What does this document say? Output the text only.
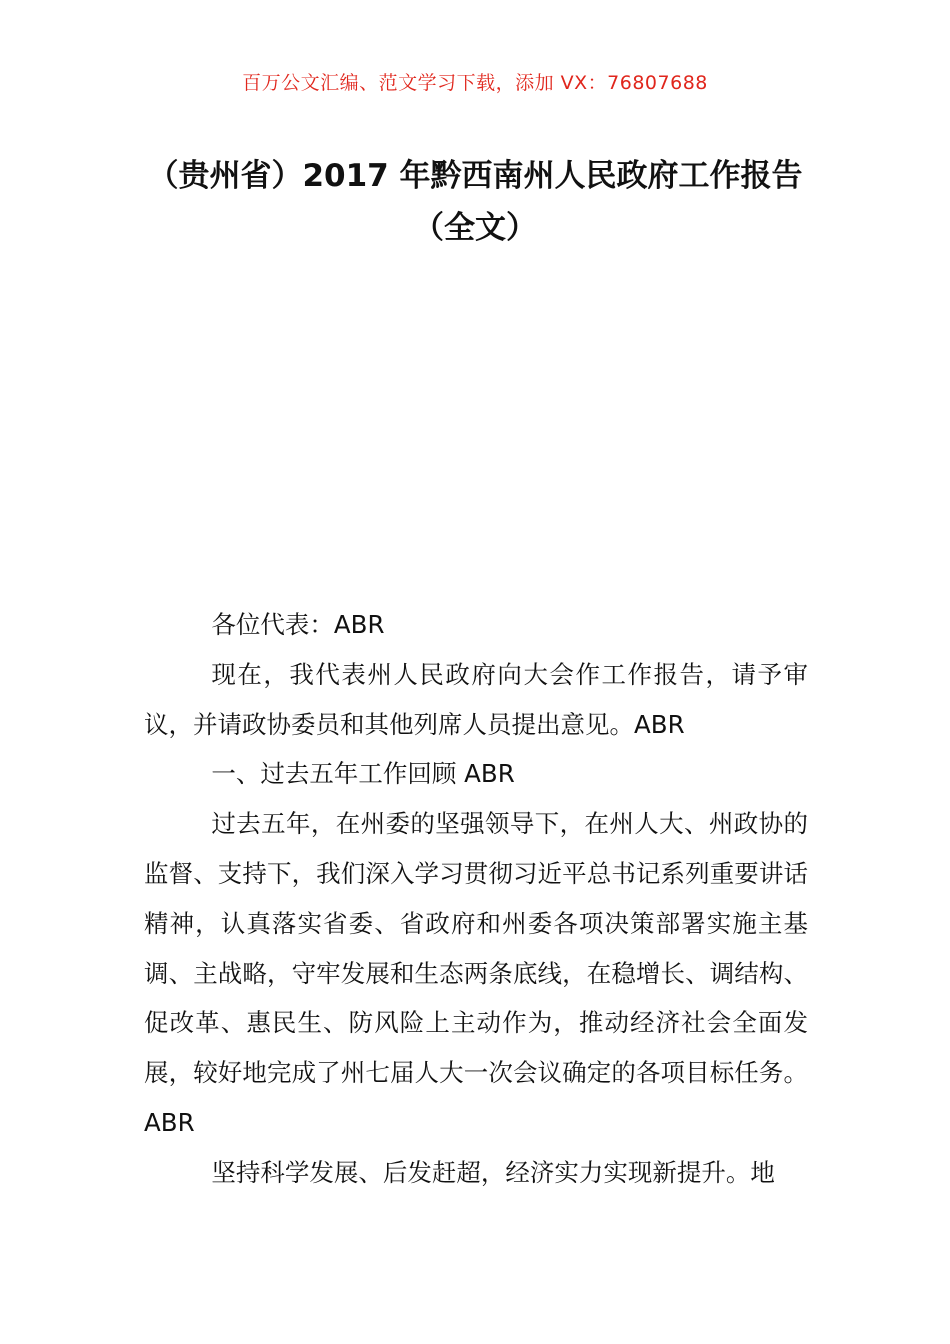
百万公文汇编、范文学习下载，添加 VX：76807688
（贵州省）2017 年黔西南州人民政府工作报告（全文）

各位代表：ABR

现在，我代表州人民政府向大会作工作报告，请予审议，并请政协委员和其他列席人员提出意见。ABR

一、过去五年工作回顾 ABR

过去五年，在州委的坚强领导下，在州人大、州政协的监督、支持下，我们深入学习贯彻习近平总书记系列重要讲话精神，认真落实省委、省政府和州委各项决策部署实施主基调、主战略，守牢发展和生态两条底线，在稳增长、调结构、促改革、惠民生、防风险上主动作为，推动经济社会全面发展，较好地完成了州七届人大一次会议确定的各项目标任务。ABR

坚持科学发展、后发赶超，经济实力实现新提升。地
